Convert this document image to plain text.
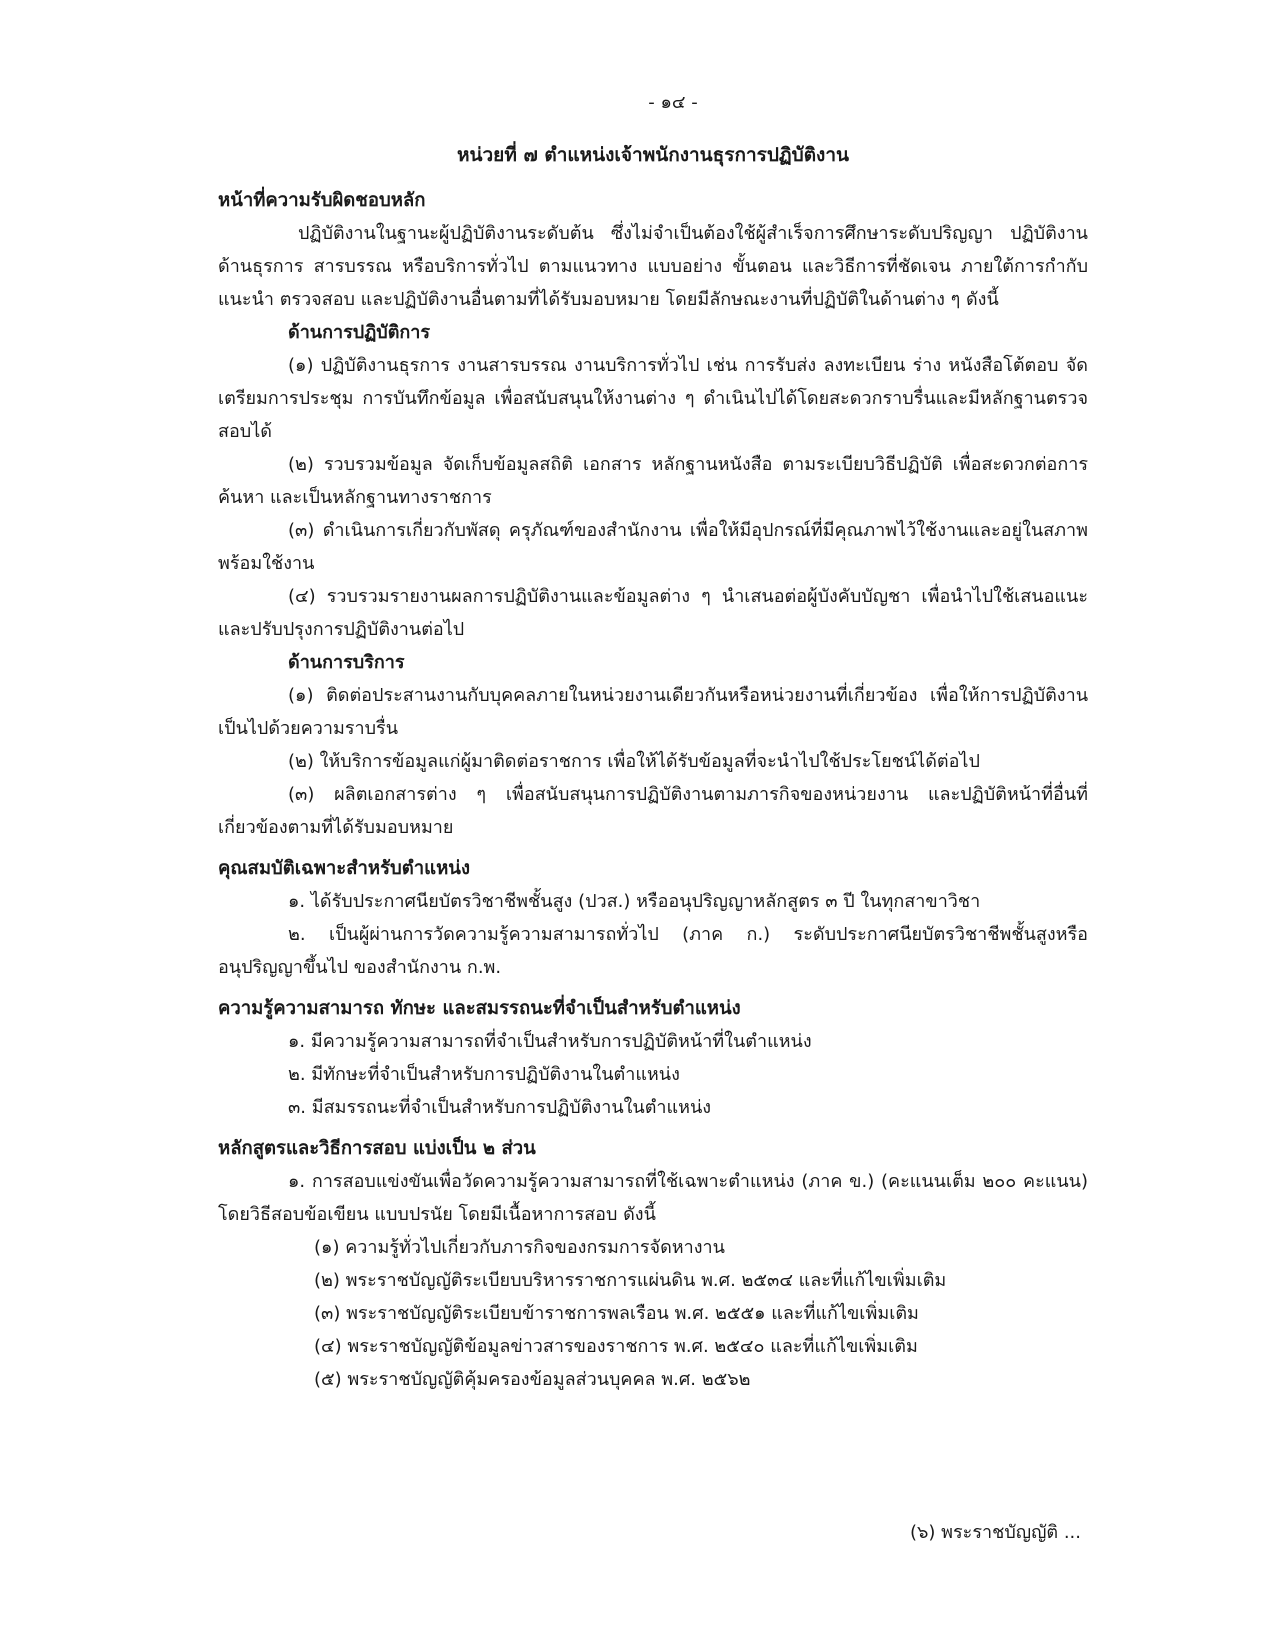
- ๑๔ -
หน่วยที่ ๗ ตำแหน่งเจ้าพนักงานธุรการปฏิบัติงาน
หน้าที่ความรับผิดชอบหลัก

ปฏิบัติงานในฐานะผู้ปฏิบัติงานระดับต้น ซึ่งไม่จำเป็นต้องใช้ผู้สำเร็จการศึกษาระดับปริญญา ปฏิบัติงานด้านธุรการ สารบรรณ หรือบริการทั่วไป ตามแนวทาง แบบอย่าง ขั้นตอน และวิธีการที่ชัดเจน ภายใต้การกำกับ แนะนำ ตรวจสอบ และปฏิบัติงานอื่นตามที่ได้รับมอบหมาย โดยมีลักษณะงานที่ปฏิบัติในด้านต่าง ๆ ดังนี้

ด้านการปฏิบัติการ

(๑) ปฏิบัติงานธุรการ งานสารบรรณ งานบริการทั่วไป เช่น การรับส่ง ลงทะเบียน ร่าง หนังสือโต้ตอบ จัดเตรียมการประชุม การบันทึกข้อมูล เพื่อสนับสนุนให้งานต่าง ๆ ดำเนินไปได้โดยสะดวกราบรื่นและมีหลักฐานตรวจสอบได้

(๒) รวบรวมข้อมูล จัดเก็บข้อมูลสถิติ เอกสาร หลักฐานหนังสือ ตามระเบียบวิธีปฏิบัติ เพื่อสะดวกต่อการค้นหา และเป็นหลักฐานทางราชการ

(๓) ดำเนินการเกี่ยวกับพัสดุ ครุภัณฑ์ของสำนักงาน เพื่อให้มีอุปกรณ์ที่มีคุณภาพไว้ใช้งานและอยู่ในสภาพพร้อมใช้งาน

(๔) รวบรวมรายงานผลการปฏิบัติงานและข้อมูลต่าง ๆ นำเสนอต่อผู้บังคับบัญชา เพื่อนำไปใช้เสนอแนะและปรับปรุงการปฏิบัติงานต่อไป

ด้านการบริการ

(๑) ติดต่อประสานงานกับบุคคลภายในหน่วยงานเดียวกันหรือหน่วยงานที่เกี่ยวข้อง เพื่อให้การปฏิบัติงานเป็นไปด้วยความราบรื่น

(๒) ให้บริการข้อมูลแก่ผู้มาติดต่อราชการ เพื่อให้ได้รับข้อมูลที่จะนำไปใช้ประโยชน์ได้ต่อไป

(๓) ผลิตเอกสารต่าง ๆ เพื่อสนับสนุนการปฏิบัติงานตามภารกิจของหน่วยงาน และปฏิบัติหน้าที่อื่นที่เกี่ยวข้องตามที่ได้รับมอบหมาย

คุณสมบัติเฉพาะสำหรับตำแหน่ง

๑. ได้รับประกาศนียบัตรวิชาชีพชั้นสูง (ปวส.) หรืออนุปริญญาหลักสูตร ๓ ปี ในทุกสาขาวิชา

๒. เป็นผู้ผ่านการวัดความรู้ความสามารถทั่วไป (ภาค ก.) ระดับประกาศนียบัตรวิชาชีพชั้นสูงหรืออนุปริญญาขึ้นไป ของสำนักงาน ก.พ.

ความรู้ความสามารถ ทักษะ และสมรรถนะที่จำเป็นสำหรับตำแหน่ง
๑. มีความรู้ความสามารถที่จำเป็นสำหรับการปฏิบัติหน้าที่ในตำแหน่ง
๒. มีทักษะที่จำเป็นสำหรับการปฏิบัติงานในตำแหน่ง
๓. มีสมรรถนะที่จำเป็นสำหรับการปฏิบัติงานในตำแหน่ง
หลักสูตรและวิธีการสอบ แบ่งเป็น ๒ ส่วน

๑. การสอบแข่งขันเพื่อวัดความรู้ความสามารถที่ใช้เฉพาะตำแหน่ง (ภาค ข.) (คะแนนเต็ม ๒๐๐ คะแนน) โดยวิธีสอบข้อเขียน แบบปรนัย โดยมีเนื้อหาการสอบ ดังนี้

(๑) ความรู้ทั่วไปเกี่ยวกับภารกิจของกรมการจัดหางาน
(๒) พระราชบัญญัติระเบียบบริหารราชการแผ่นดิน พ.ศ. ๒๕๓๔ และที่แก้ไขเพิ่มเติม
(๓) พระราชบัญญัติระเบียบข้าราชการพลเรือน พ.ศ. ๒๕๕๑ และที่แก้ไขเพิ่มเติม
(๔) พระราชบัญญัติข้อมูลข่าวสารของราชการ พ.ศ. ๒๕๔๐ และที่แก้ไขเพิ่มเติม
(๕) พระราชบัญญัติคุ้มครองข้อมูลส่วนบุคคล พ.ศ. ๒๕๖๒
(๖) พระราชบัญญัติ ...
